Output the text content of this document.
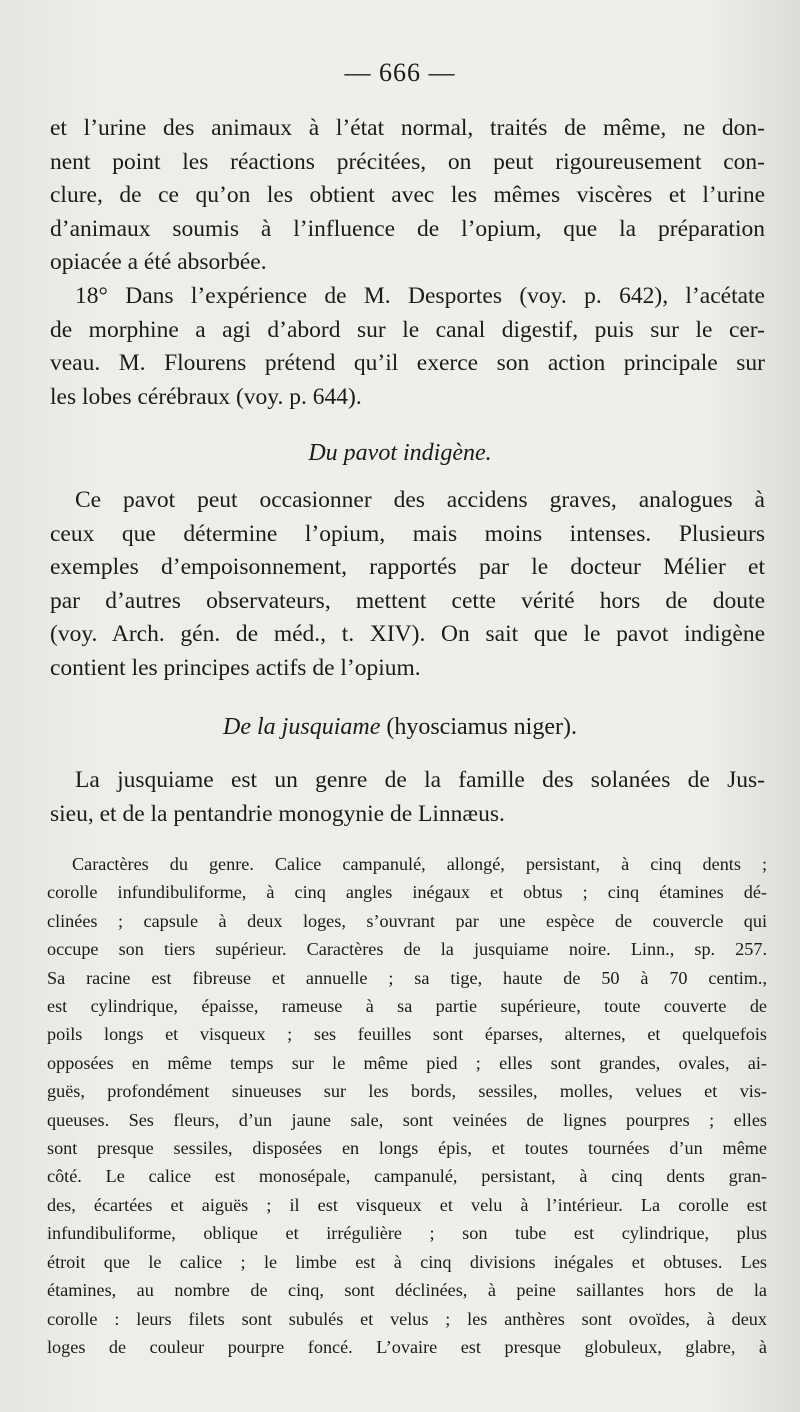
— 666 —

et l’urine des animaux à l’état normal, traités de même, ne don-
nent point les réactions précitées, on peut rigoureusement con-
clure, de ce qu’on les obtient avec les mêmes viscères et l’urine
d’animaux soumis à l’influence de l’opium, que la préparation
opiacée a été absorbée.

18° Dans l’expérience de M. Desportes (voy. p. 642), l’acétate
de morphine a agi d’abord sur le canal digestif, puis sur le cer-
veau. M. Flourens prétend qu’il exerce son action principale sur
les lobes cérébraux (voy. p. 644).

Du pavot indigène.

Ce pavot peut occasionner des accidens graves, analogues à
ceux que détermine l’opium, mais moins intenses. Plusieurs
exemples d’empoisonnement, rapportés par le docteur Mélier et
par d’autres observateurs, mettent cette vérité hors de doute
(voy. Arch. gén. de méd., t. XIV). On sait que le pavot indigène
contient les principes actifs de l’opium.

De la jusquiame (hyosciamus niger).

La jusquiame est un genre de la famille des solanées de Jus-
sieu, et de la pentandrie monogynie de Linnæus.

Caractères du genre. Calice campanulé, allongé, persistant, à cinq dents ;
corolle infundibuliforme, à cinq angles inégaux et obtus ; cinq étamines dé-
clinées ; capsule à deux loges, s’ouvrant par une espèce de couvercle qui
occupe son tiers supérieur. Caractères de la jusquiame noire. Linn., sp. 257.
Sa racine est fibreuse et annuelle ; sa tige, haute de 50 à 70 centim.,
est cylindrique, épaisse, rameuse à sa partie supérieure, toute couverte de
poils longs et visqueux ; ses feuilles sont éparses, alternes, et quelquefois
opposées en même temps sur le même pied ; elles sont grandes, ovales, ai-
guës, profondément sinueuses sur les bords, sessiles, molles, velues et vis-
queuses. Ses fleurs, d’un jaune sale, sont veinées de lignes pourpres ; elles
sont presque sessiles, disposées en longs épis, et toutes tournées d’un même
côté. Le calice est monosépale, campanulé, persistant, à cinq dents gran-
des, écartées et aiguës ; il est visqueux et velu à l’intérieur. La corolle est
infundibuliforme, oblique et irrégulière ; son tube est cylindrique, plus
étroit que le calice ; le limbe est à cinq divisions inégales et obtuses. Les
étamines, au nombre de cinq, sont déclinées, à peine saillantes hors de la
corolle : leurs filets sont subulés et velus ; les anthères sont ovoïdes, à deux
loges de couleur pourpre foncé. L’ovaire est presque globuleux, glabre, à
